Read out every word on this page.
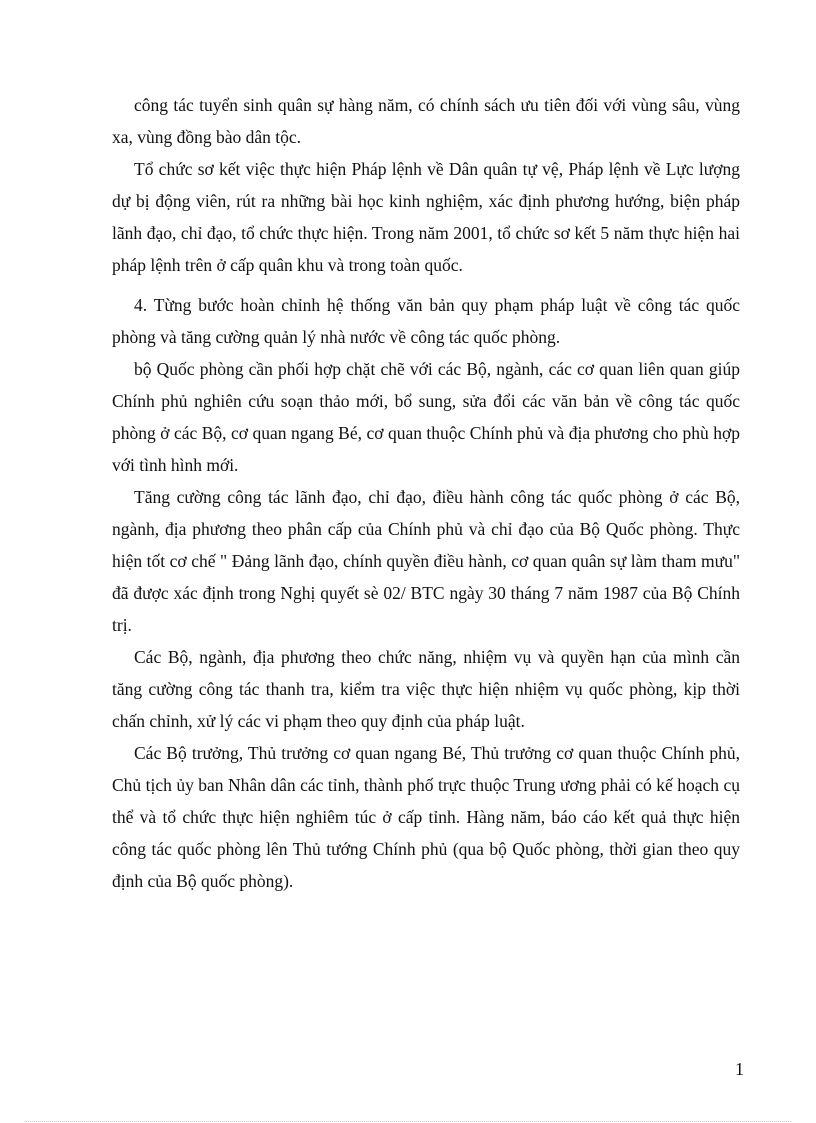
công tác tuyển sinh quân sự hàng năm, có chính sách ưu tiên đối với vùng sâu, vùng xa, vùng đồng bào dân tộc.

Tổ chức sơ kết việc thực hiện Pháp lệnh về Dân quân tự vệ, Pháp lệnh về Lực lượng dự bị động viên, rút ra những bài học kinh nghiệm, xác định phương hướng, biện pháp lãnh đạo, chỉ đạo, tổ chức thực hiện. Trong năm 2001, tổ chức sơ kết 5 năm thực hiện hai pháp lệnh trên ở cấp quân khu và trong toàn quốc.

4. Từng bước hoàn chỉnh hệ thống văn bản quy phạm pháp luật về công tác quốc phòng và tăng cường quản lý nhà nước về công tác quốc phòng.

bộ Quốc phòng cần phối hợp chặt chẽ với các Bộ, ngành, các cơ quan liên quan giúp Chính phủ nghiên cứu soạn thảo mới, bổ sung, sửa đổi các văn bản về công tác quốc phòng ở các Bộ, cơ quan ngang Bé, cơ quan thuộc Chính phủ và địa phương cho phù hợp với tình hình mới.

Tăng cường công tác lãnh đạo, chỉ đạo, điều hành công tác quốc phòng ở các Bộ, ngành, địa phương theo phân cấp của Chính phủ và chỉ đạo của Bộ Quốc phòng. Thực hiện tốt cơ chế " Đảng lãnh đạo, chính quyền điều hành, cơ quan quân sự làm tham mưu" đã được xác định trong Nghị quyết sè 02/ BTC ngày 30 tháng 7 năm 1987 của Bộ Chính trị.

Các Bộ, ngành, địa phương theo chức năng, nhiệm vụ và quyền hạn của mình cần tăng cường công tác thanh tra, kiểm tra việc thực hiện nhiệm vụ quốc phòng, kịp thời chấn chỉnh, xử lý các vi phạm theo quy định của pháp luật.

Các Bộ trưởng, Thủ trưởng cơ quan ngang Bé, Thủ trưởng cơ quan thuộc Chính phủ, Chủ tịch ủy ban Nhân dân các tỉnh, thành phố trực thuộc Trung ương phải có kế hoạch cụ thể và tổ chức thực hiện nghiêm túc ở cấp tỉnh. Hàng năm, báo cáo kết quả thực hiện công tác quốc phòng lên Thủ tướng Chính phủ (qua bộ Quốc phòng, thời gian theo quy định của Bộ quốc phòng).

1
